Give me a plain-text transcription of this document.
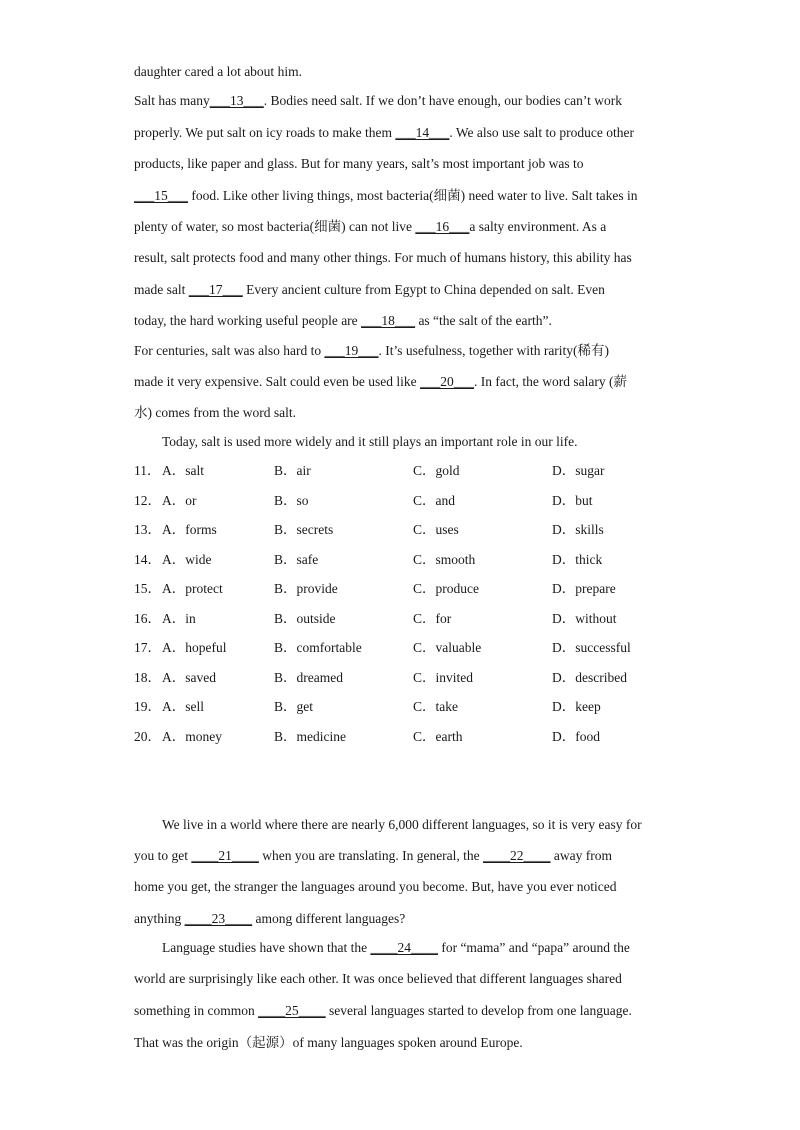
daughter cared a lot about him.
Salt has many___13___. Bodies need salt. If we don’t have enough, our bodies can’t work
properly. We put salt on icy roads to make them ___14___. We also use salt to produce other
products, like paper and glass. But for many years, salt’s most important job was to
___15___ food. Like other living things, most bacteria(细菌) need water to live. Salt takes in
plenty of water, so most bacteria(细菌) can not live ___16___a salty environment. As a
result, salt protects food and many other things. For much of humans history, this ability has
made salt ___17___ Every ancient culture from Egypt to China depended on salt. Even
today, the hard working useful people are ___18___ as “the salt of the earth”.
For centuries, salt was also hard to ___19___. It’s usefulness, together with rarity(稀有)
made it very expensive. Salt could even be used like ___20___. In fact, the word salary (薪
水) comes from the word salt.
Today, salt is used more widely and it still plays an important role in our life.
11． A．salt	B．air	C．gold	D．sugar
12． A．or	B．so	C．and	D．but
13． A．forms	B．secrets	C．uses	D．skills
14． A．wide	B．safe	C．smooth	D．thick
15． A．protect	B．provide	C．produce	D．prepare
16． A．in	B．outside	C．for	D．without
17． A．hopeful	B．comfortable	C．valuable	D．successful
18． A．saved	B．dreamed	C．invited	D．described
19． A．sell	B．get	C．take	D．keep
20． A．money	B．medicine	C．earth	D．food
We live in a world where there are nearly 6,000 different languages, so it is very easy for
you to get ____21____ when you are translating. In general, the ____22____ away from
home you get, the stranger the languages around you become. But, have you ever noticed
anything ____23____ among different languages?
Language studies have shown that the ____24____ for “mama” and “papa” around the
world are surprisingly like each other. It was once believed that different languages shared
something in common ____25____ several languages started to develop from one language.
That was the origin（起源）of many languages spoken around Europe.
